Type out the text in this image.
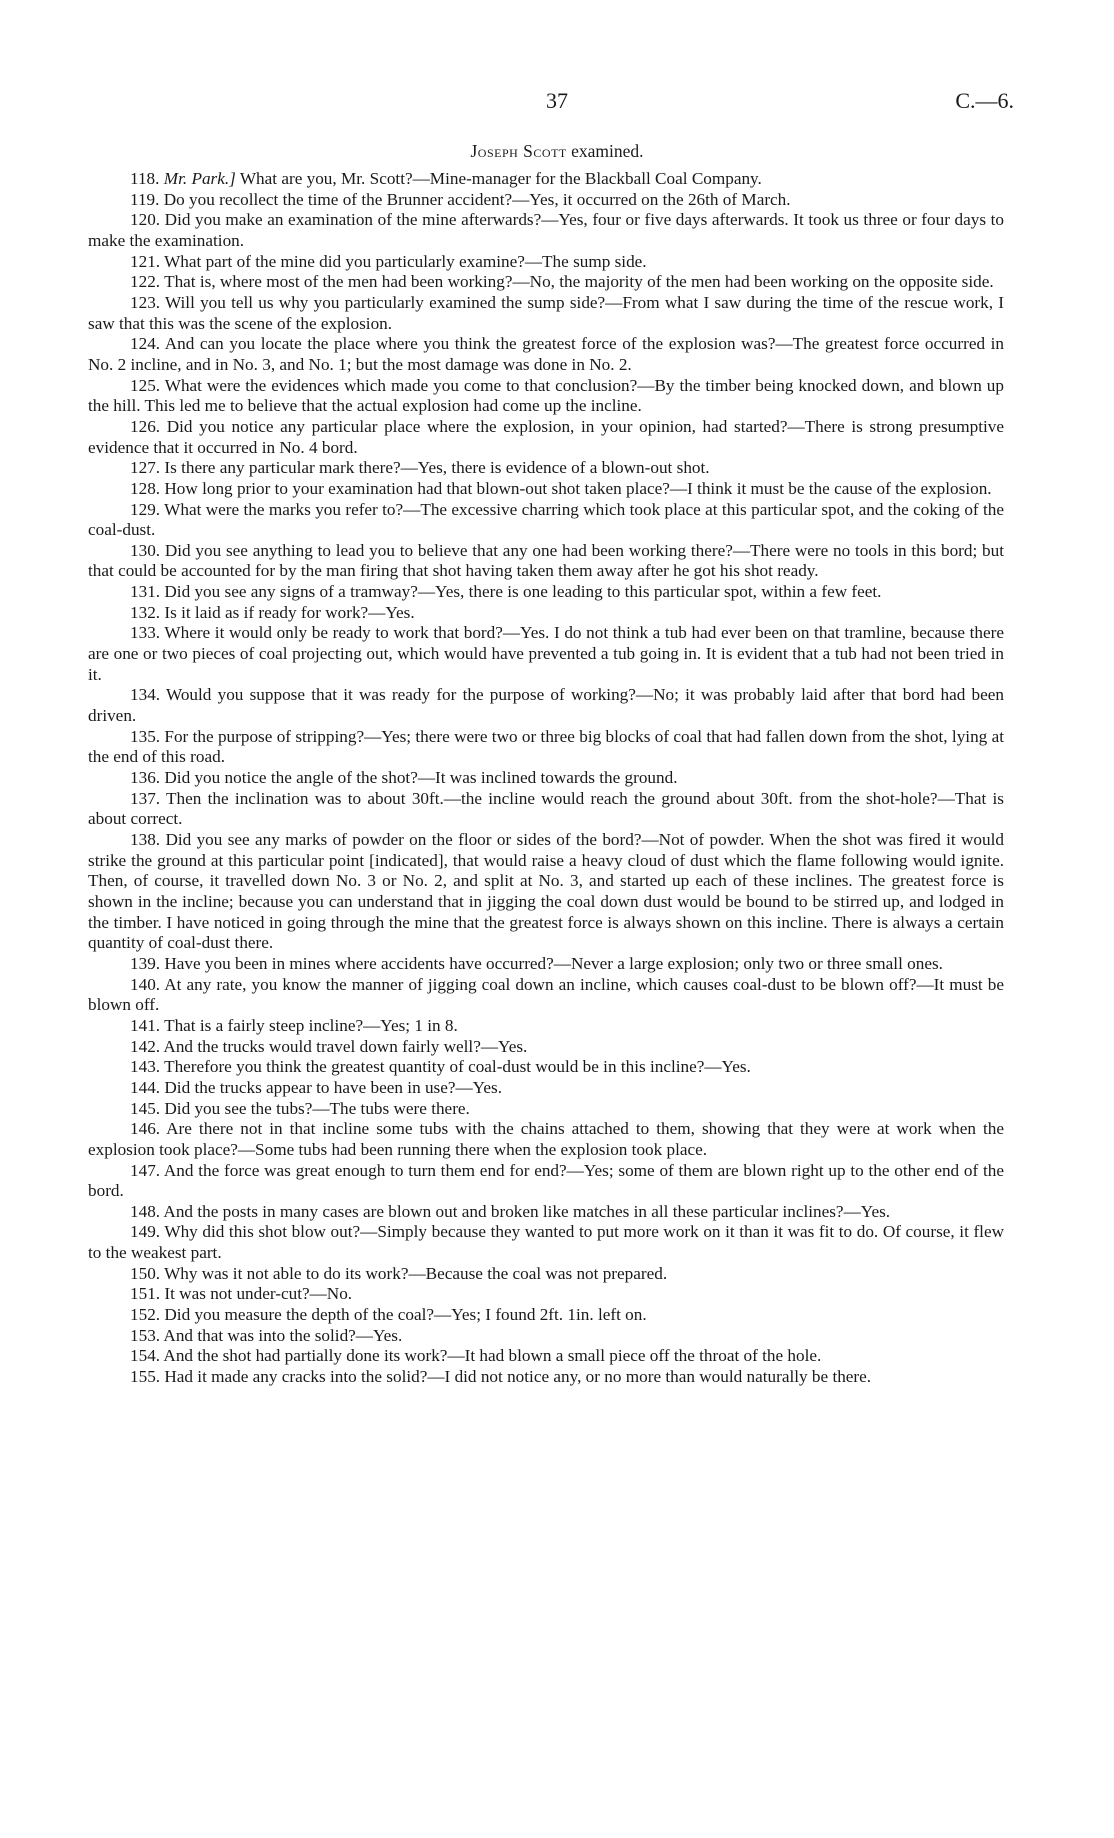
37	C.—6.
Joseph Scott examined.

118. Mr. Park.] What are you, Mr. Scott?—Mine-manager for the Blackball Coal Company.

119. Do you recollect the time of the Brunner accident?—Yes, it occurred on the 26th of March.

120. Did you make an examination of the mine afterwards?—Yes, four or five days afterwards. It took us three or four days to make the examination.

121. What part of the mine did you particularly examine?—The sump side.

122. That is, where most of the men had been working?—No, the majority of the men had been working on the opposite side.

123. Will you tell us why you particularly examined the sump side?—From what I saw during the time of the rescue work, I saw that this was the scene of the explosion.

124. And can you locate the place where you think the greatest force of the explosion was?—The greatest force occurred in No. 2 incline, and in No. 3, and No. 1; but the most damage was done in No. 2.

125. What were the evidences which made you come to that conclusion?—By the timber being knocked down, and blown up the hill. This led me to believe that the actual explosion had come up the incline.

126. Did you notice any particular place where the explosion, in your opinion, had started?—There is strong presumptive evidence that it occurred in No. 4 bord.

127. Is there any particular mark there?—Yes, there is evidence of a blown-out shot.

128. How long prior to your examination had that blown-out shot taken place?—I think it must be the cause of the explosion.

129. What were the marks you refer to?—The excessive charring which took place at this particular spot, and the coking of the coal-dust.

130. Did you see anything to lead you to believe that any one had been working there?—There were no tools in this bord; but that could be accounted for by the man firing that shot having taken them away after he got his shot ready.

131. Did you see any signs of a tramway?—Yes, there is one leading to this particular spot, within a few feet.

132. Is it laid as if ready for work?—Yes.

133. Where it would only be ready to work that bord?—Yes. I do not think a tub had ever been on that tramline, because there are one or two pieces of coal projecting out, which would have prevented a tub going in. It is evident that a tub had not been tried in it.

134. Would you suppose that it was ready for the purpose of working?—No; it was probably laid after that bord had been driven.

135. For the purpose of stripping?—Yes; there were two or three big blocks of coal that had fallen down from the shot, lying at the end of this road.

136. Did you notice the angle of the shot?—It was inclined towards the ground.

137. Then the inclination was to about 30ft.—the incline would reach the ground about 30ft. from the shot-hole?—That is about correct.

138. Did you see any marks of powder on the floor or sides of the bord?—Not of powder. When the shot was fired it would strike the ground at this particular point [indicated], that would raise a heavy cloud of dust which the flame following would ignite. Then, of course, it travelled down No. 3 or No. 2, and split at No. 3, and started up each of these inclines. The greatest force is shown in the incline; because you can understand that in jigging the coal down dust would be bound to be stirred up, and lodged in the timber. I have noticed in going through the mine that the greatest force is always shown on this incline. There is always a certain quantity of coal-dust there.

139. Have you been in mines where accidents have occurred?—Never a large explosion; only two or three small ones.

140. At any rate, you know the manner of jigging coal down an incline, which causes coal-dust to be blown off?—It must be blown off.

141. That is a fairly steep incline?—Yes; 1 in 8.

142. And the trucks would travel down fairly well?—Yes.

143. Therefore you think the greatest quantity of coal-dust would be in this incline?—Yes.

144. Did the trucks appear to have been in use?—Yes.

145. Did you see the tubs?—The tubs were there.

146. Are there not in that incline some tubs with the chains attached to them, showing that they were at work when the explosion took place?—Some tubs had been running there when the explosion took place.

147. And the force was great enough to turn them end for end?—Yes; some of them are blown right up to the other end of the bord.

148. And the posts in many cases are blown out and broken like matches in all these particular inclines?—Yes.

149. Why did this shot blow out?—Simply because they wanted to put more work on it than it was fit to do. Of course, it flew to the weakest part.

150. Why was it not able to do its work?—Because the coal was not prepared.

151. It was not under-cut?—No.

152. Did you measure the depth of the coal?—Yes; I found 2ft. 1in. left on.

153. And that was into the solid?—Yes.

154. And the shot had partially done its work?—It had blown a small piece off the throat of the hole.

155. Had it made any cracks into the solid?—I did not notice any, or no more than would naturally be there.
